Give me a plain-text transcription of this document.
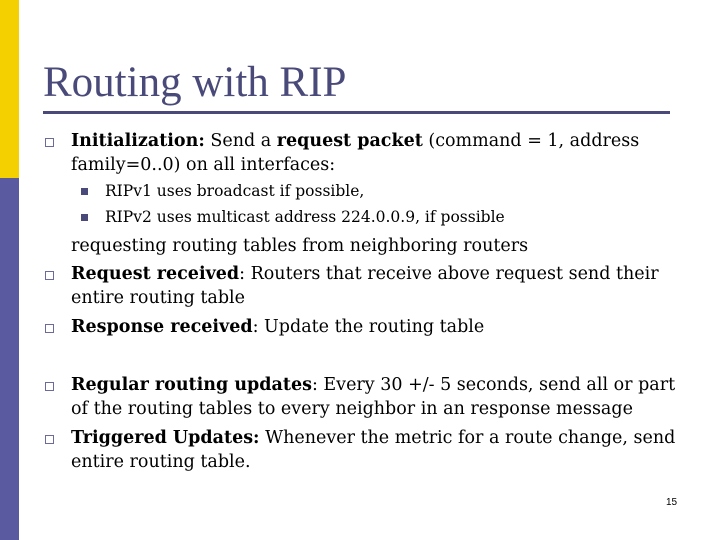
Routing with RIP
Initialization: Send a request packet (command = 1, address
family=0..0) on all interfaces:
RIPv1 uses broadcast if possible,
RIPv2 uses multicast address 224.0.0.9, if possible
requesting routing tables from neighboring routers
Request received: Routers that receive above request send their
entire routing table
Response received: Update the routing table
Regular routing updates: Every 30 +/- 5 seconds, send all or part
of the routing tables to every neighbor in an response message
Triggered Updates: Whenever the metric for a route change, send
entire routing table.
15
